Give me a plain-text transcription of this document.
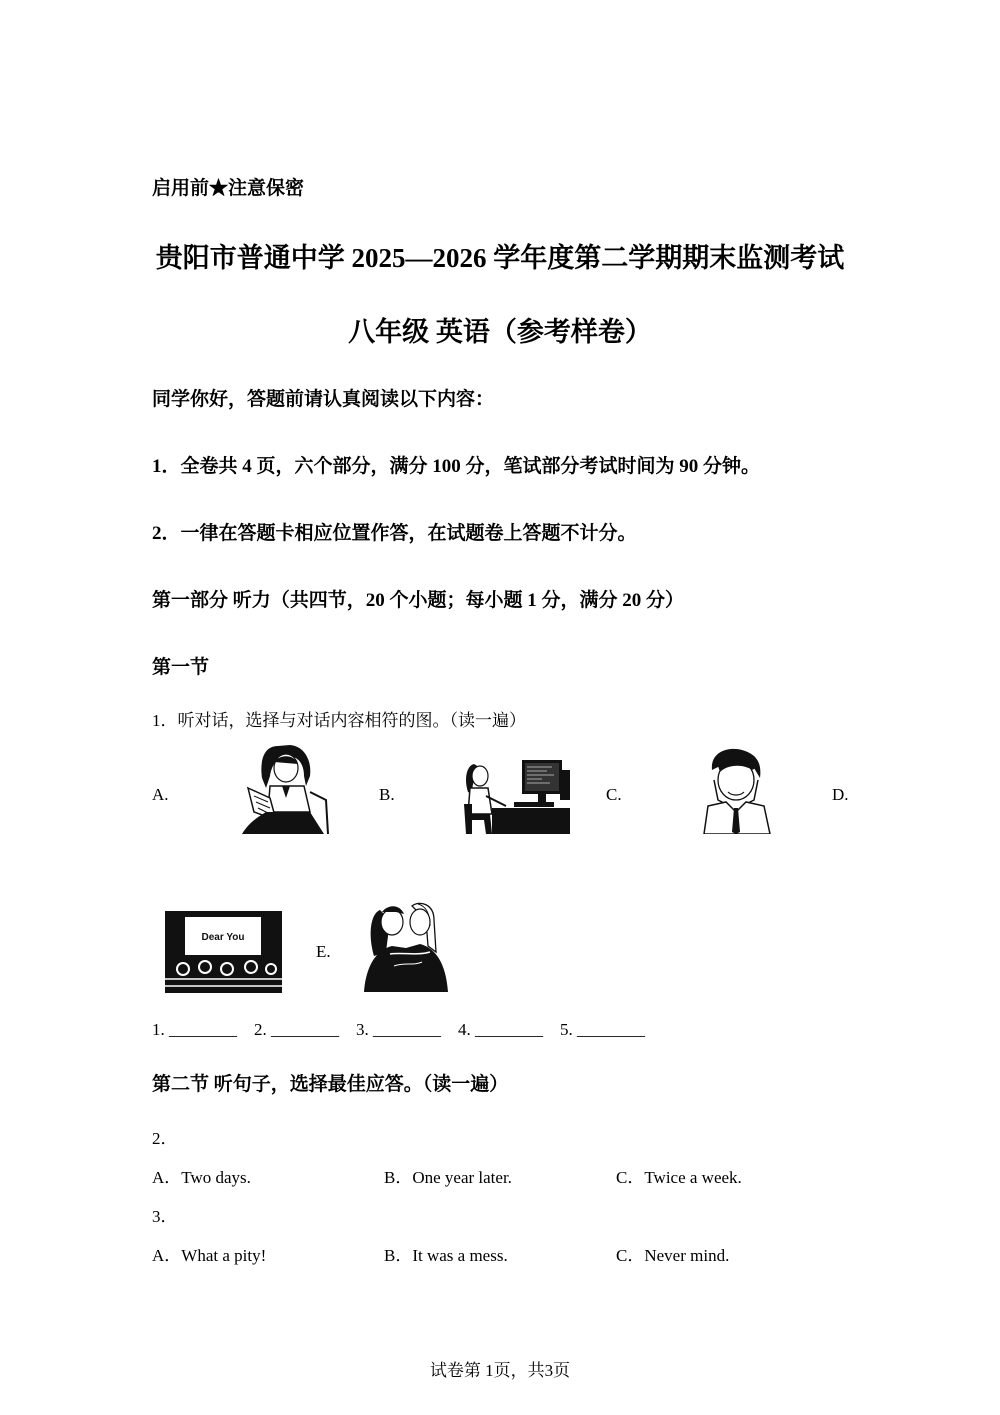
启用前★注意保密
贵阳市普通中学 2025—2026 学年度第二学期期末监测考试
八年级 英语（参考样卷）
同学你好，答题前请认真阅读以下内容：
1．全卷共 4 页，六个部分，满分 100 分，笔试部分考试时间为 90 分钟。
2．一律在答题卡相应位置作答，在试题卷上答题不计分。
第一部分 听力（共四节，20 个小题；每小题 1 分，满分 20 分）
第一节
1．听对话，选择与对话内容相符的图。（读一遍）
A.	B.	C.	D.
E.
Dear You
1. ________    2. ________    3. ________    4. ________    5. ________
第二节 听句子，选择最佳应答。（读一遍）
2．
A．Two days.	B．One year later.	C．Twice a week.
3．
A．What a pity!	B．It was a mess.	C．Never mind.
试卷第 1页，共3页
